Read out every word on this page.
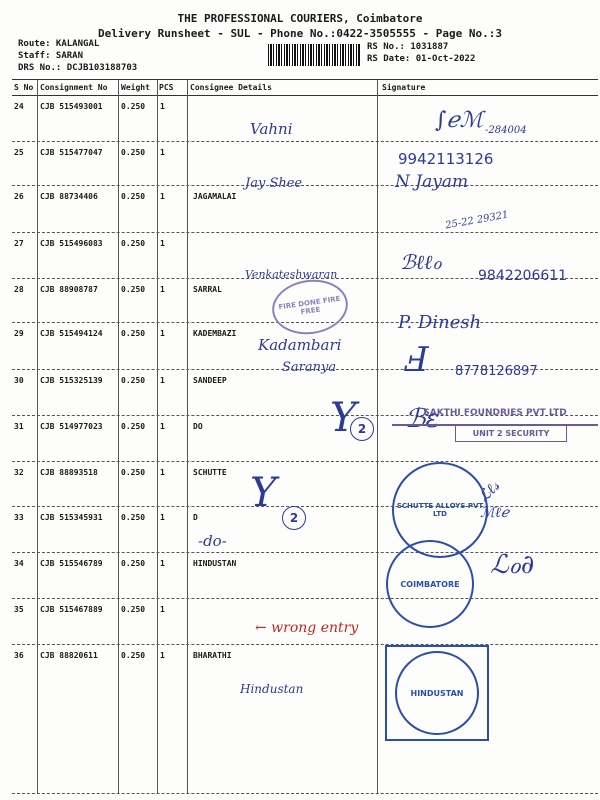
THE PROFESSIONAL COURIERS, Coimbatore
Delivery Runsheet - SUL - Phone No.:0422-3505555 - Page No.:3
Route: KALANGAL
Staff: SARAN
DRS No.: DCJB103188703
RS No.: 1031887
RS Date: 01-Oct-2022
S No Consignment No Weight PCS Consignee Details	Signature
24 CJB 515493001 0.250 1
25 CJB 515477047 0.250 1
26 CJB 88734406	0.250 1	JAGAMALAI
27 CJB 515496083 0.250 1
28 CJB 88908787	0.250 1	SARRAL
29 CJB 515494124 0.250 1	KADEMBAZI
30 CJB 515325139 0.250 1	SANDEEP
31 CJB 514977023 0.250 1	DO
32 CJB 88893518	0.250 1	SCHUTTE
33 CJB 515345931 0.250 1	D
34 CJB 515546789 0.250 1	HINDUSTAN
35 CJB 515467889 0.250 1
36 CJB 88820611	0.250 1	BHARATHI
Vahni	∫ℯℳ -284004
9942113126
Jay Shee	N Jayam
25-22 29321
ℬℓℓℴ
9842206611
Venkateshwaran
P. Dinesh
Kadambari
Saranya Ⅎ 8778126897
Y 2	ℬε
Y
2
-do-
ℒℓ𝓈
ℳℓℯ
ℒℴ∂
← wrong entry
Hindustan
FIRE DONE FIRE FREE
SAKTHI FOUNDRIES PVT LTD
UNIT 2 SECURITY
SCHUTTE ALLOYS PVT LTD
COIMBATORE
HINDUSTAN
